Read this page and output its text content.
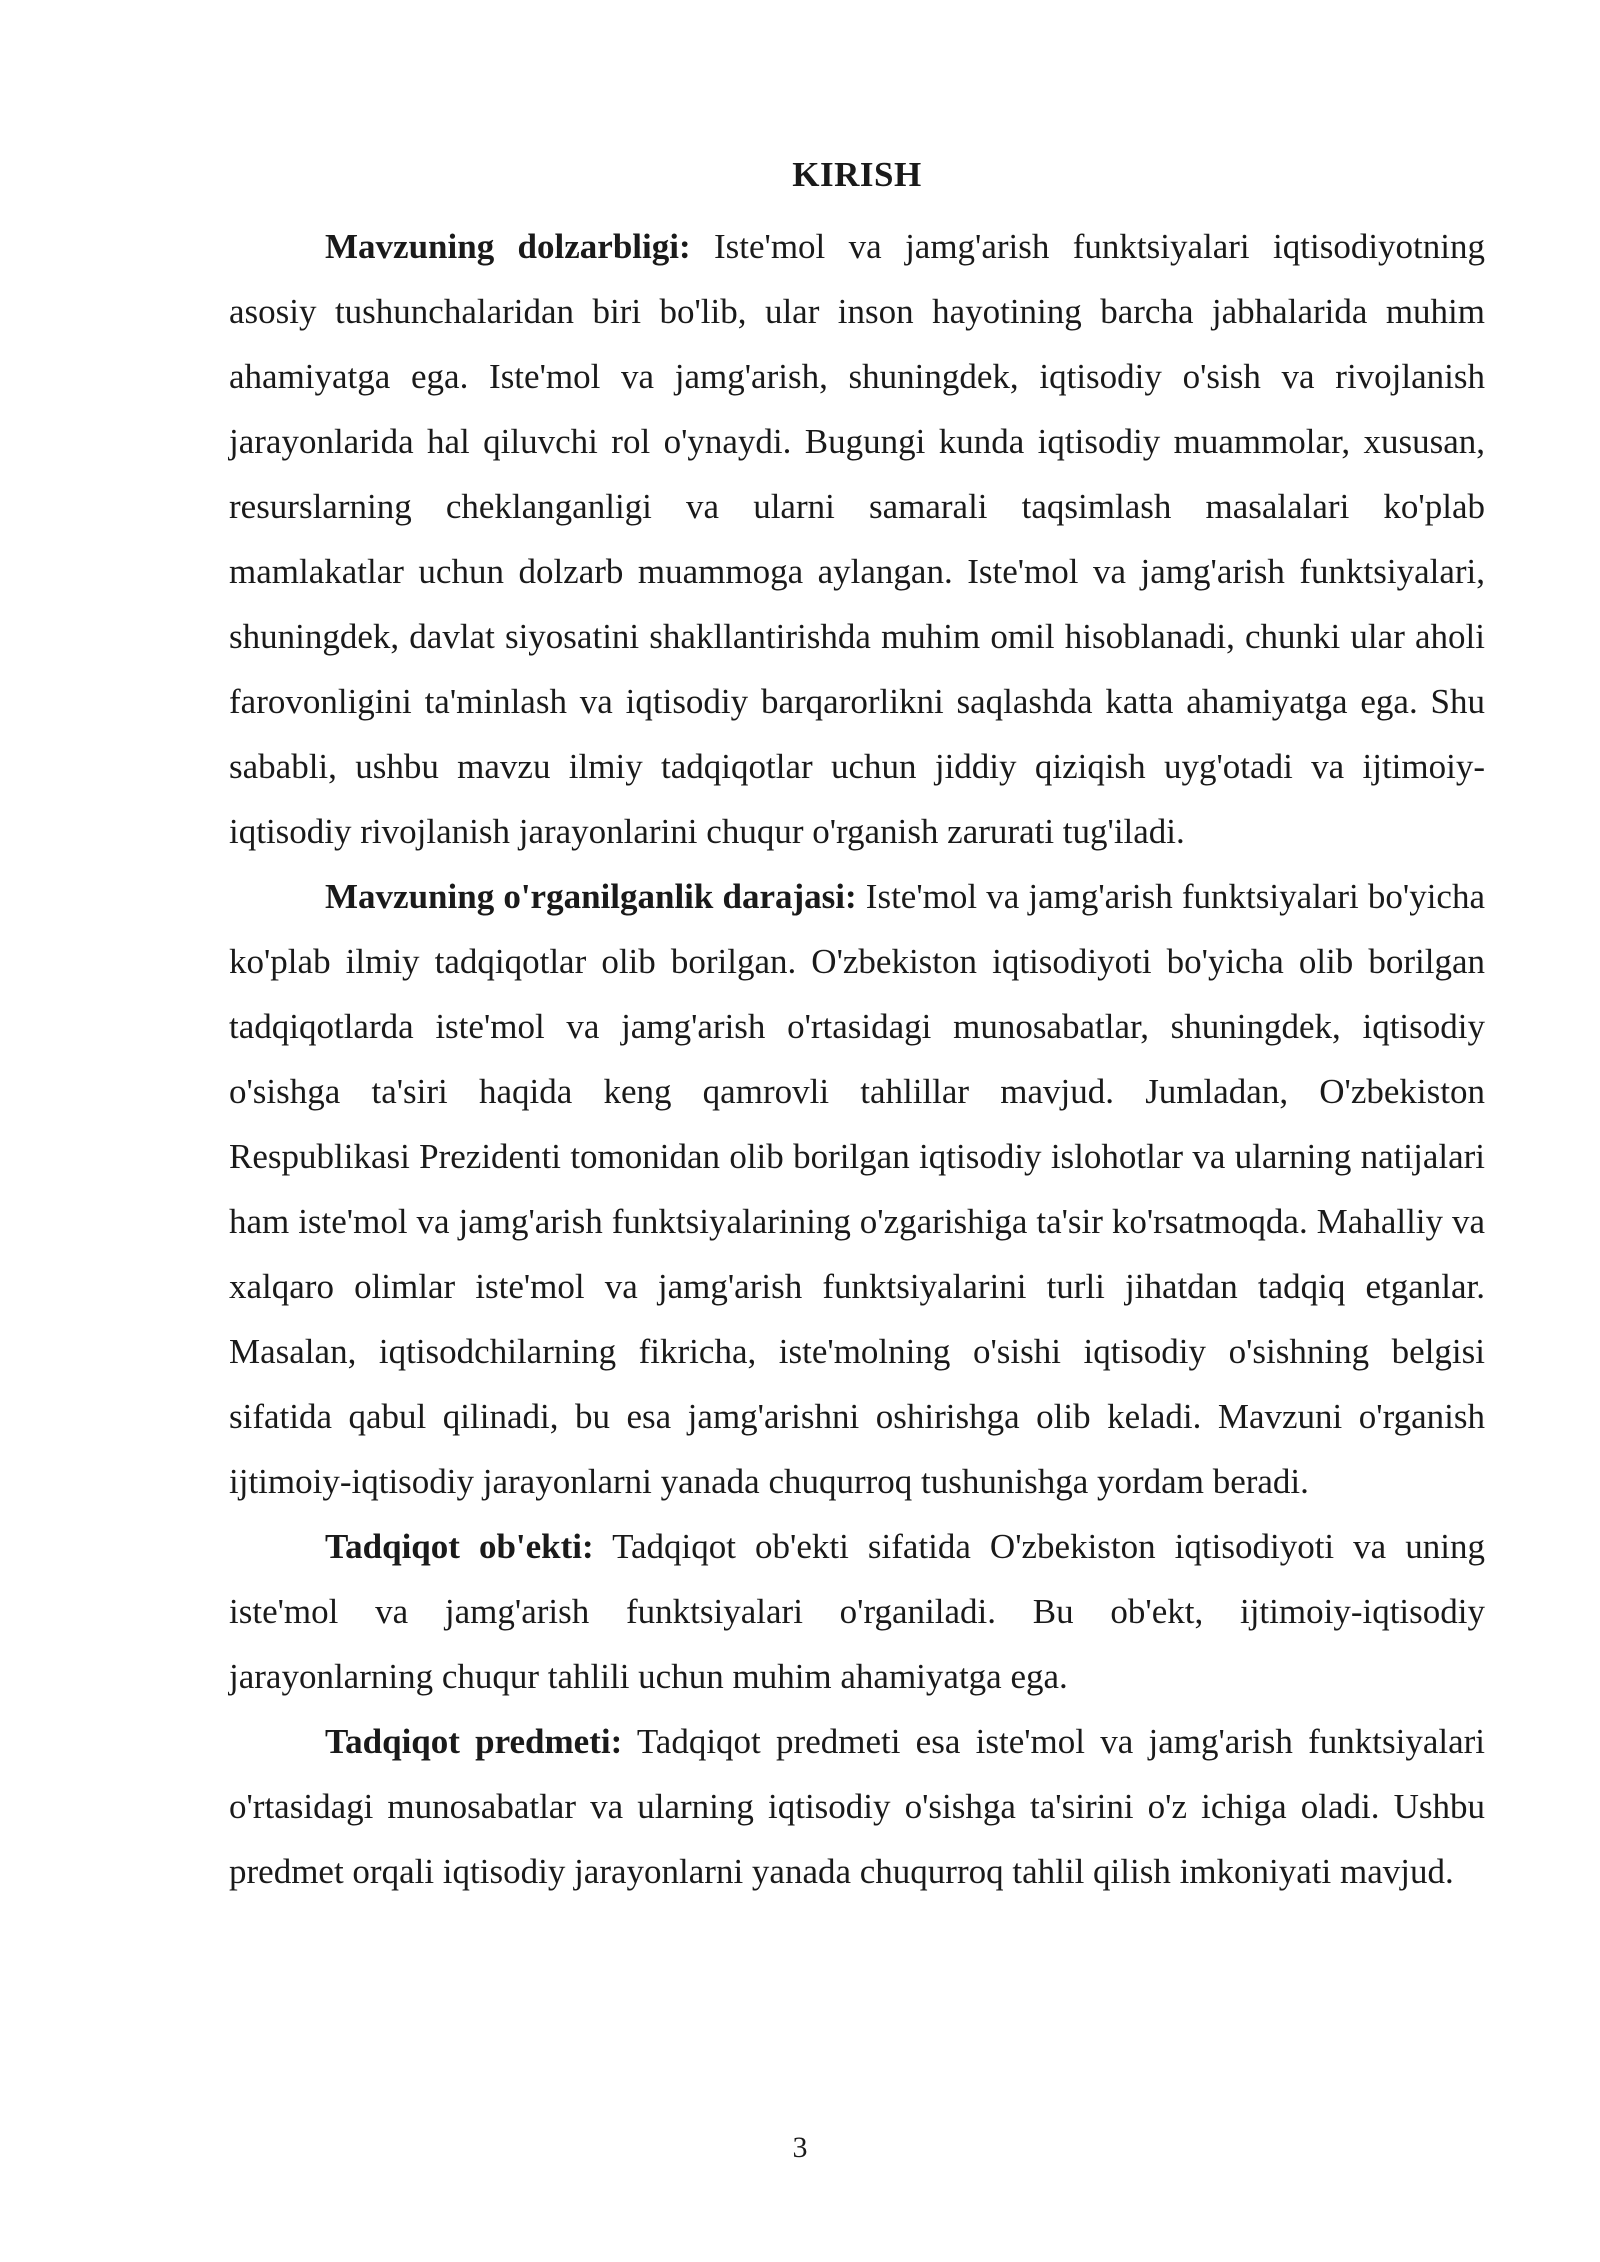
KIRISH

Mavzuning dolzarbligi: Iste'mol va jamg'arish funktsiyalari iqtisodiyotning asosiy tushunchalaridan biri bo'lib, ular inson hayotining barcha jabhalarida muhim ahamiyatga ega. Iste'mol va jamg'arish, shuningdek, iqtisodiy o'sish va rivojlanish jarayonlarida hal qiluvchi rol o'ynaydi. Bugungi kunda iqtisodiy muammolar, xususan, resurslarning cheklanganligi va ularni samarali taqsimlash masalalari ko'plab mamlakatlar uchun dolzarb muammoga aylangan. Iste'mol va jamg'arish funktsiyalari, shuningdek, davlat siyosatini shakllantirishda muhim omil hisoblanadi, chunki ular aholi farovonligini ta'minlash va iqtisodiy barqarorlikni saqlashda katta ahamiyatga ega. Shu sababli, ushbu mavzu ilmiy tadqiqotlar uchun jiddiy qiziqish uyg'otadi va ijtimoiy-iqtisodiy rivojlanish jarayonlarini chuqur o'rganish zarurati tug'iladi.

Mavzuning o'rganilganlik darajasi: Iste'mol va jamg'arish funktsiyalari bo'yicha ko'plab ilmiy tadqiqotlar olib borilgan. O'zbekiston iqtisodiyoti bo'yicha olib borilgan tadqiqotlarda iste'mol va jamg'arish o'rtasidagi munosabatlar, shuningdek, iqtisodiy o'sishga ta'siri haqida keng qamrovli tahlillar mavjud. Jumladan, O'zbekiston Respublikasi Prezidenti tomonidan olib borilgan iqtisodiy islohotlar va ularning natijalari ham iste'mol va jamg'arish funktsiyalarining o'zgarishiga ta'sir ko'rsatmoqda. Mahalliy va xalqaro olimlar iste'mol va jamg'arish funktsiyalarini turli jihatdan tadqiq etganlar. Masalan, iqtisodchilarning fikricha, iste'molning o'sishi iqtisodiy o'sishning belgisi sifatida qabul qilinadi, bu esa jamg'arishni oshirishga olib keladi. Mavzuni o'rganish ijtimoiy-iqtisodiy jarayonlarni yanada chuqurroq tushunishga yordam beradi.

Tadqiqot ob'ekti: Tadqiqot ob'ekti sifatida O'zbekiston iqtisodiyoti va uning iste'mol va jamg'arish funktsiyalari o'rganiladi. Bu ob'ekt, ijtimoiy-iqtisodiy jarayonlarning chuqur tahlili uchun muhim ahamiyatga ega.

Tadqiqot predmeti: Tadqiqot predmeti esa iste'mol va jamg'arish funktsiyalari o'rtasidagi munosabatlar va ularning iqtisodiy o'sishga ta'sirini o'z ichiga oladi. Ushbu predmet orqali iqtisodiy jarayonlarni yanada chuqurroq tahlil qilish imkoniyati mavjud.

3
